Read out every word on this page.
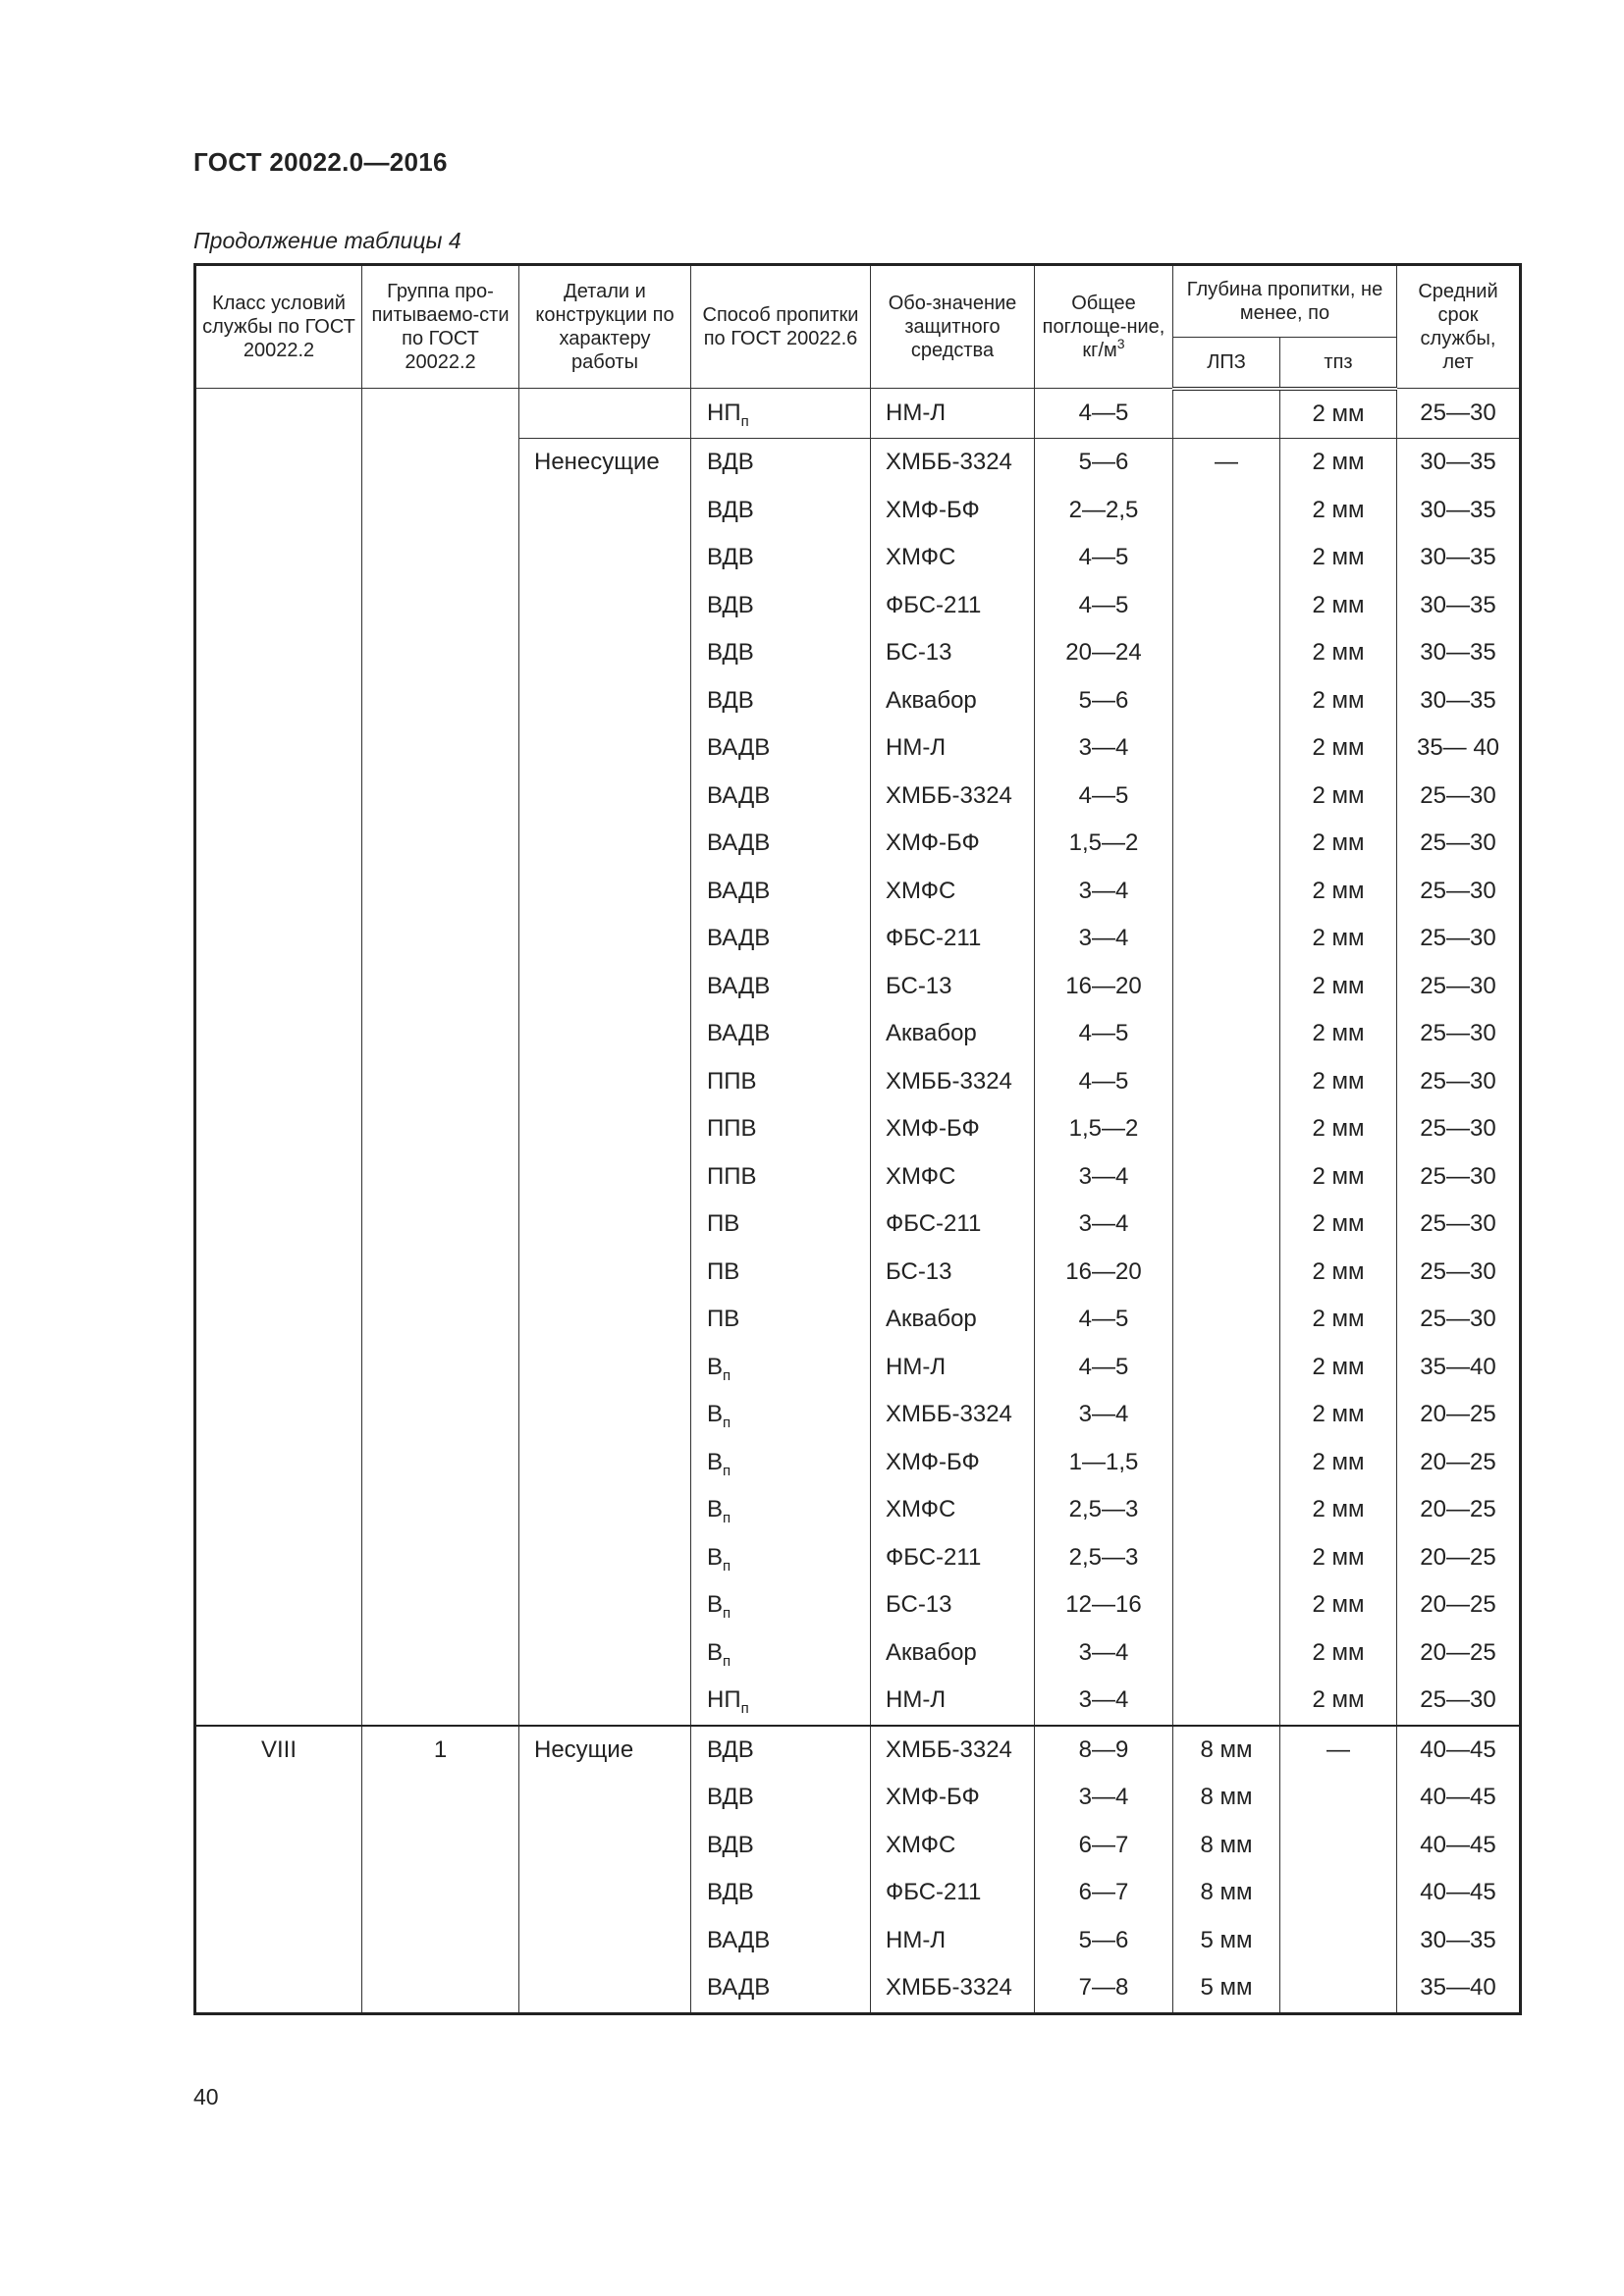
ГОСТ 20022.0—2016
Продолжение таблицы 4
Класс условий службы по ГОСТ 20022.2	Группа про-питываемо-сти по ГОСТ 20022.2	Детали и конструкции по характеру работы	Способ пропитки по ГОСТ 20022.6	Обо-значение защитного средства	Общее поглоще-ние, $кг/м^3$	Глубина пропитки, не менее, по		Средний срок службы, лет
						ЛПЗ	тпз	
			$НП_п$	НМ-Л	4—5		2 мм	25—30
		Ненесущие	ВДВ	ХМББ-3324	5—6	—	2 мм	30—35
			ВДВ	ХМФ-БФ	2—2,5		2 мм	30—35
			ВДВ	ХМФС	4—5		2 мм	30—35
			ВДВ	ФБС-211	4—5		2 мм	30—35
			ВДВ	БС-13	20—24		2 мм	30—35
			ВДВ	Аквабор	5—6		2 мм	30—35
			ВАДВ	НМ-Л	3—4		2 мм	35— 40
			ВАДВ	ХМББ-3324	4—5		2 мм	25—30
			ВАДВ	ХМФ-БФ	1,5—2		2 мм	25—30
			ВАДВ	ХМФС	3—4		2 мм	25—30
			ВАДВ	ФБС-211	3—4		2 мм	25—30
			ВАДВ	БС-13	16—20		2 мм	25—30
			ВАДВ	Аквабор	4—5		2 мм	25—30
			ППВ	ХМББ-3324	4—5		2 мм	25—30
			ППВ	ХМФ-БФ	1,5—2		2 мм	25—30
			ППВ	ХМФС	3—4		2 мм	25—30
			ПВ	ФБС-211	3—4		2 мм	25—30
			ПВ	БС-13	16—20		2 мм	25—30
			ПВ	Аквабор	4—5		2 мм	25—30
			$В_п$	НМ-Л	4—5		2 мм	35—40
			$В_п$	ХМББ-3324	3—4		2 мм	20—25
			$В_п$	ХМФ-БФ	1—1,5		2 мм	20—25
			$В_п$	ХМФС	2,5—3		2 мм	20—25
			$В_п$	ФБС-211	2,5—3		2 мм	20—25
			$В_п$	БС-13	12—16		2 мм	20—25
			$В_п$	Аквабор	3—4		2 мм	20—25
			$НП_п$	НМ-Л	3—4		2 мм	25—30
VIII	1	Несущие	ВДВ	ХМББ-3324	8—9	8 мм	—	40—45
			ВДВ	ХМФ-БФ	3—4	8 мм		40—45
			ВДВ	ХМФС	6—7	8 мм		40—45
			ВДВ	ФБС-211	6—7	8 мм		40—45
			ВАДВ	НМ-Л	5—6	5 мм		30—35
			ВАДВ	ХМББ-3324	7—8	5 мм		35—40
40
